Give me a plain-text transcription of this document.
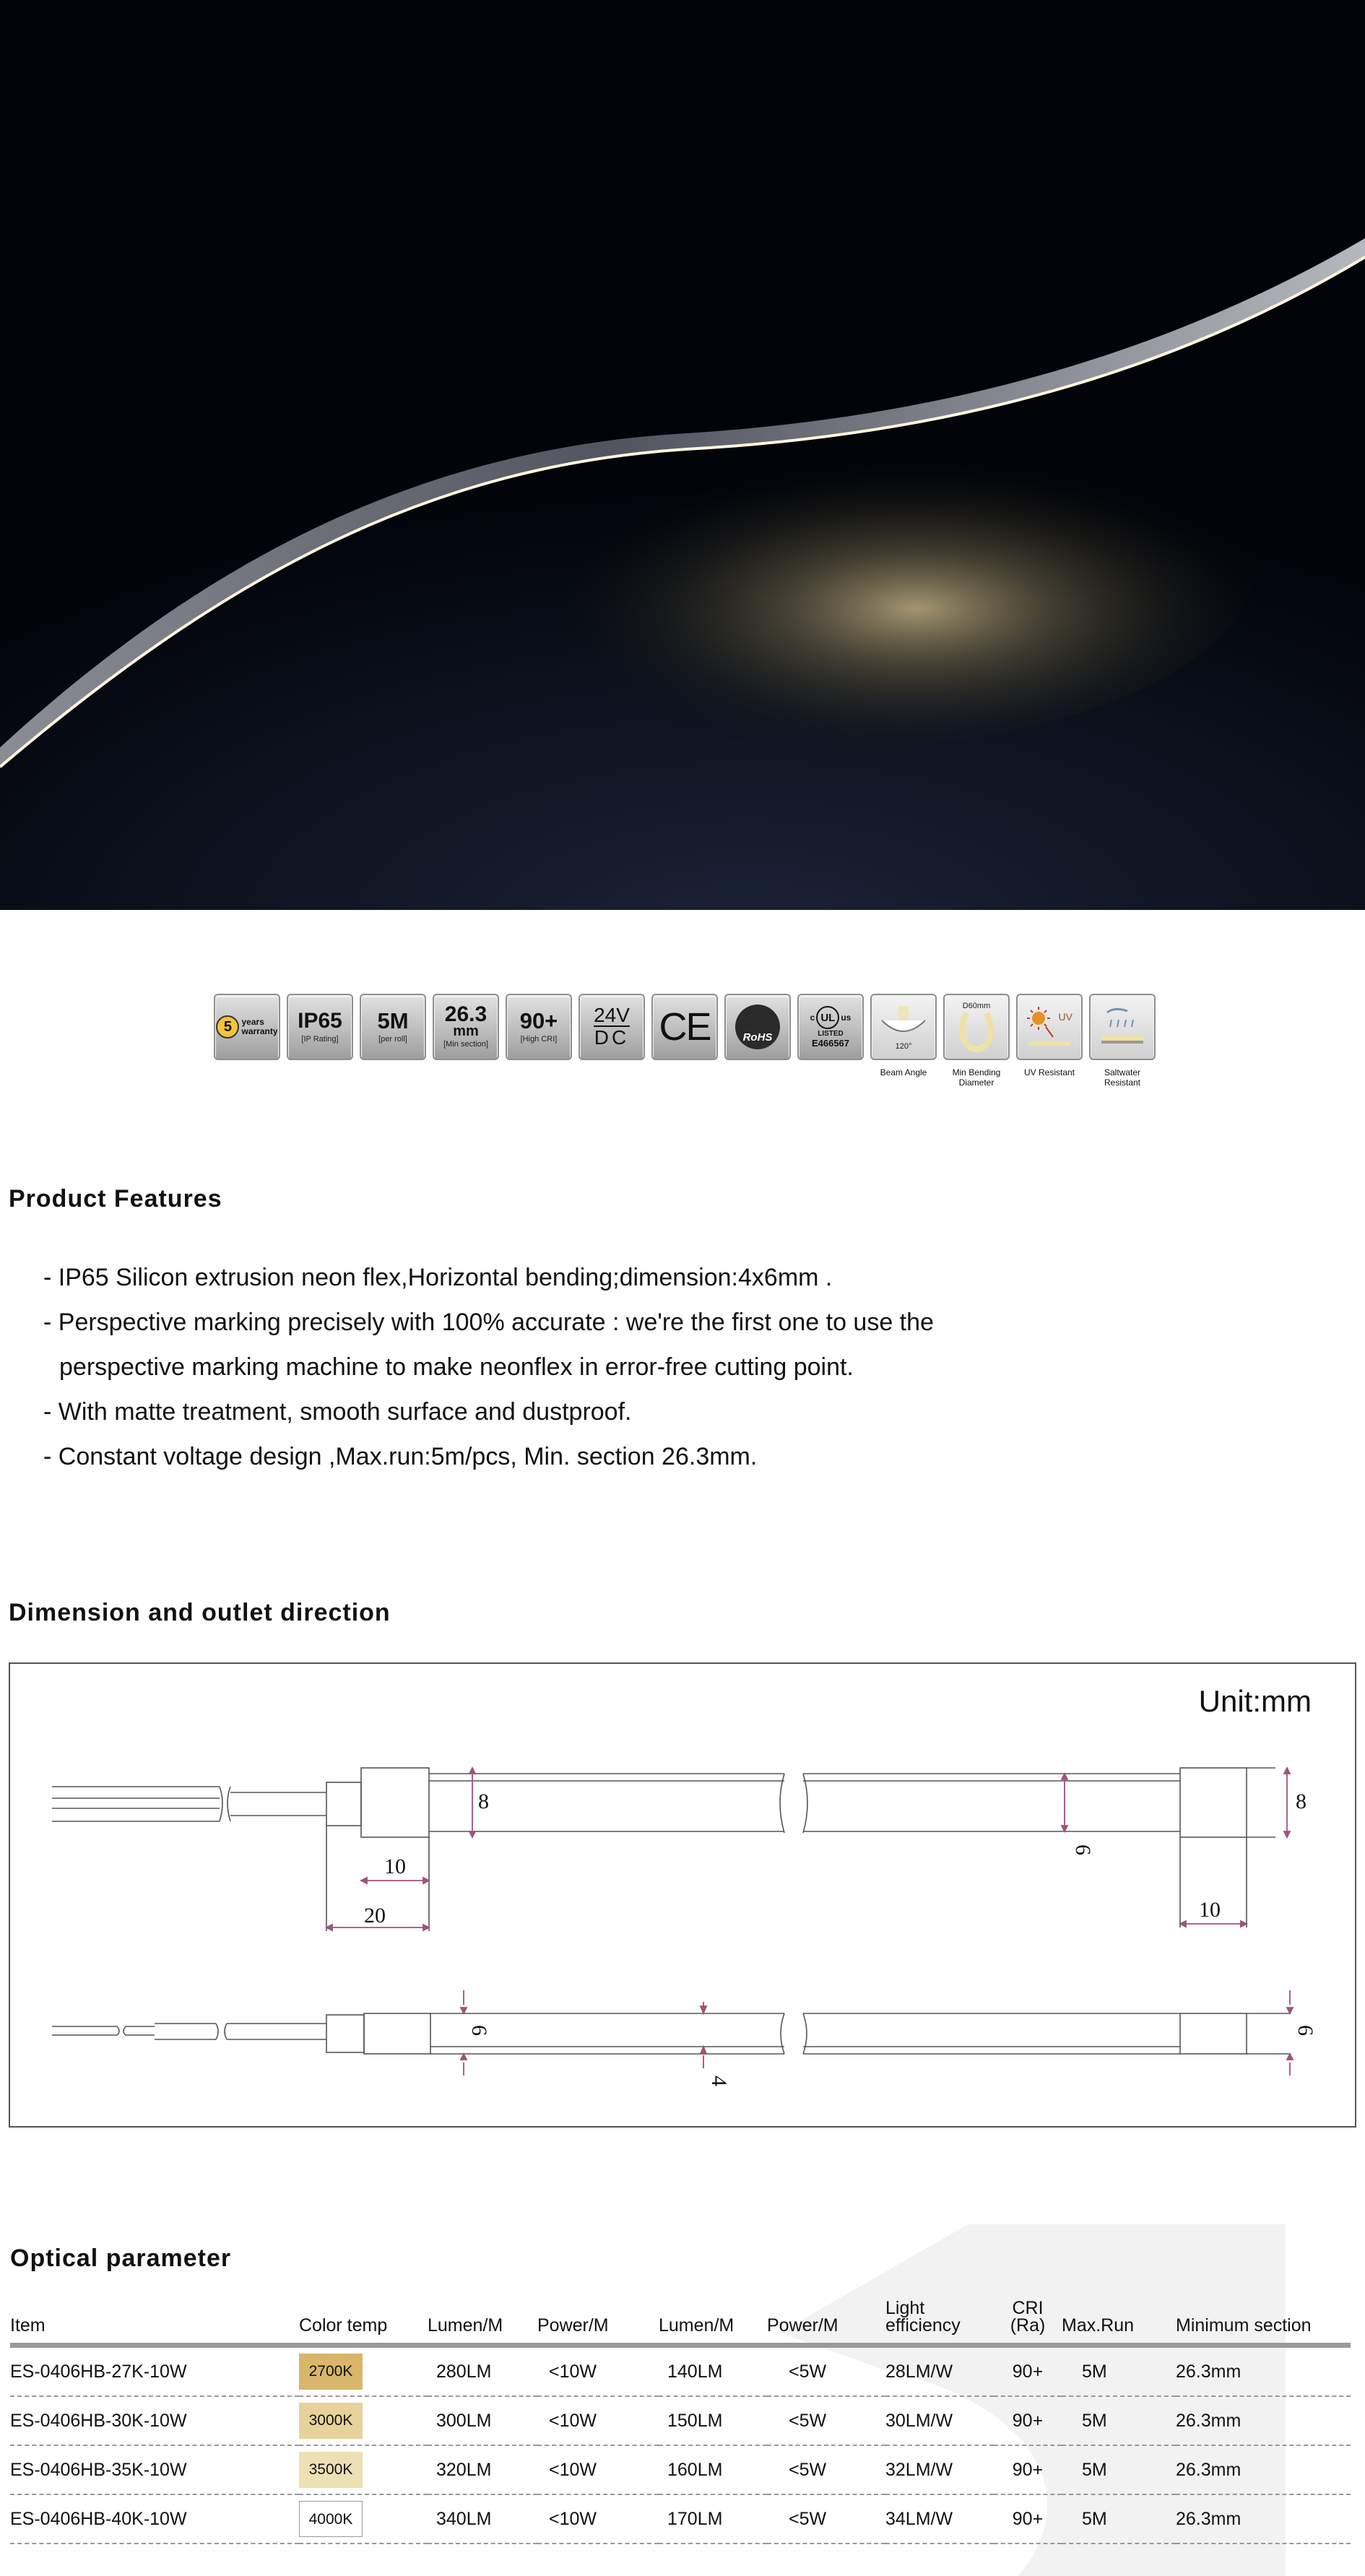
5 years
warranty IP65
[IP Rating]
5M
[per roll]
26.3
mm
[Min section]
90+
[High CRI]
24V
DC CE	RoHS
c UL us
LISTED
E466567	120°
Beam Angle
D60mm
Min Bending Diameter
UV
UV Resistant	Saltwater Resistant
Product Features
- IP65 Silicon extrusion neon flex,Horizontal bending;dimension:4x6mm .
- Perspective marking precisely with 100% accurate : we're the first one to use the
perspective marking machine to make neonflex in error-free cutting point.
- With matte treatment, smooth surface and dustproof.
- Constant voltage design ,Max.run:5m/pcs, Min. section 26.3mm.
Dimension and outlet direction
Unit:mm
8	8
10
20	10
6
6	6
4
Optical parameter
Item	Color temp	Lumen/M	Power/M	Lumen/M	Power/M	Light efficiency	CRI (Ra)	Max.Run	Minimum section
ES-0406HB-27K-10W	2700K	280LM	<10W	140LM	<5W	28LM/W	90+	5M	26.3mm
ES-0406HB-30K-10W	3000K	300LM	<10W	150LM	<5W	30LM/W	90+	5M	26.3mm
ES-0406HB-35K-10W	3500K	320LM	<10W	160LM	<5W	32LM/W	90+	5M	26.3mm
ES-0406HB-40K-10W	4000K	340LM	<10W	170LM	<5W	34LM/W	90+	5M	26.3mm
